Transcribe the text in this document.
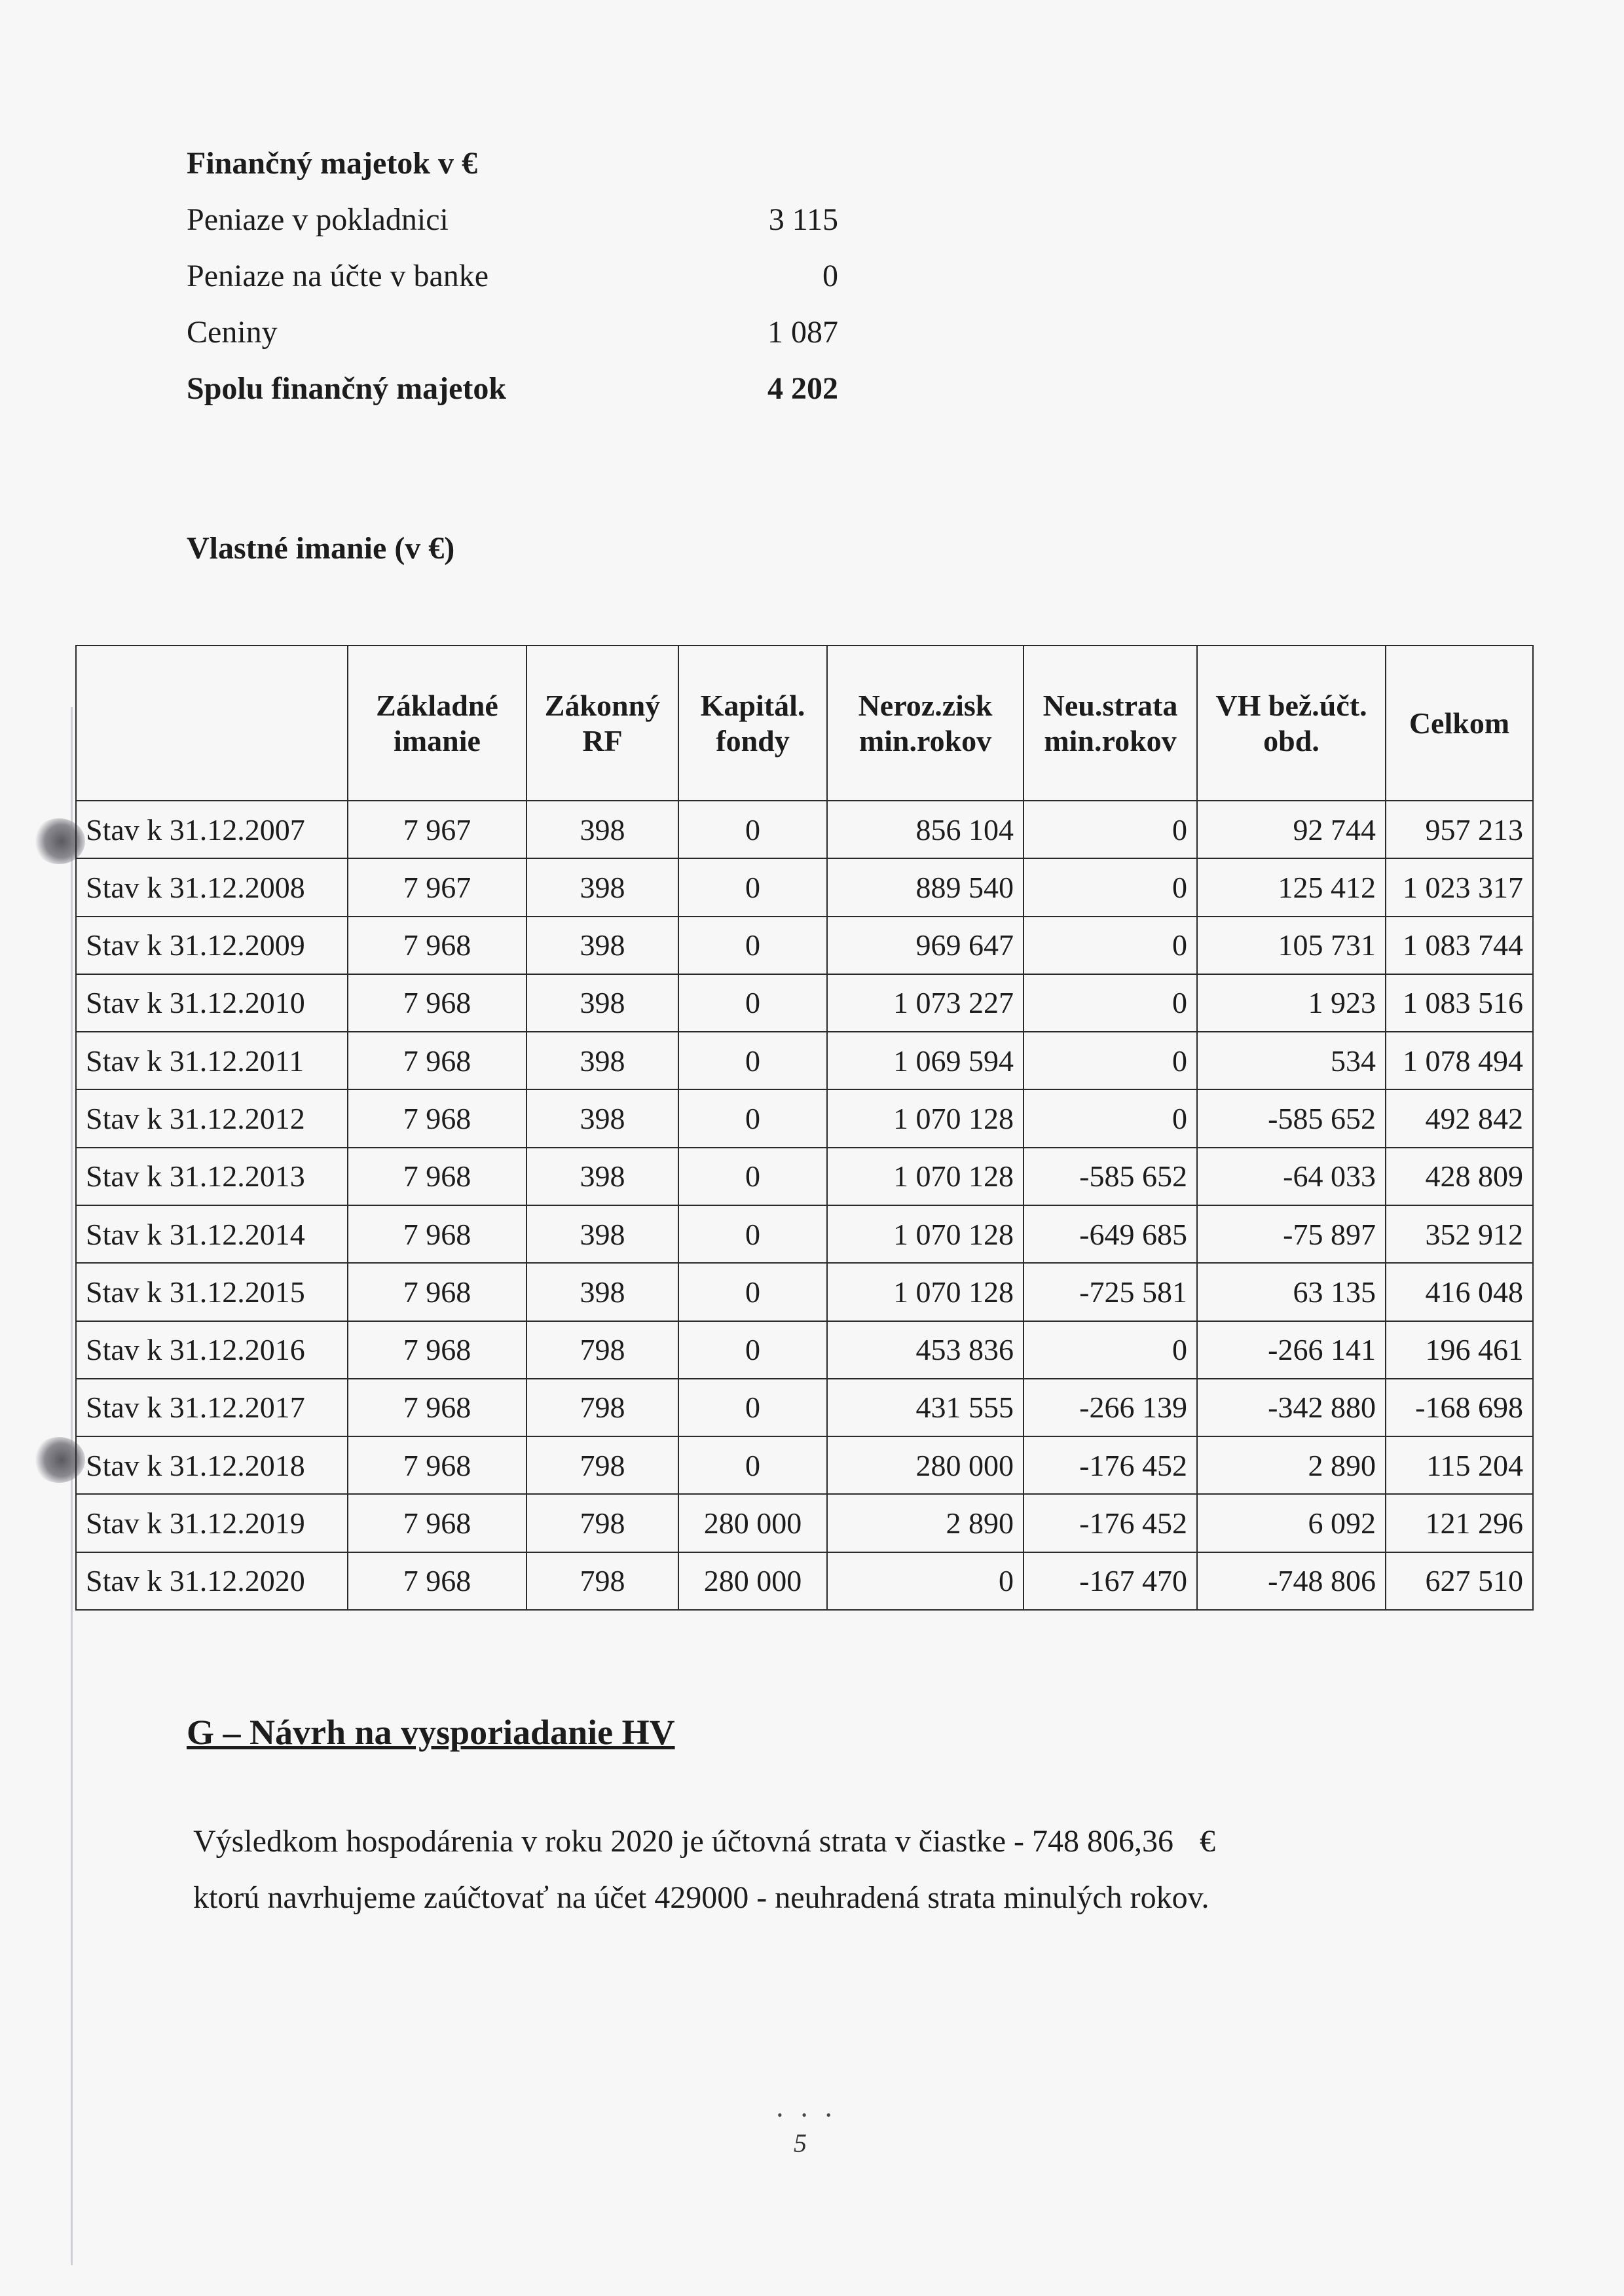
Finančný majetok v €
Peniaze v pokladnici	3 115
Peniaze na účte v banke	0
Ceniny	1 087
Spolu finančný majetok	4 202
Vlastné imanie (v €)
	Základné imanie	Zákonný RF	Kapitál. fondy	Neroz.zisk min.rokov	Neu.strata min.rokov	VH bež.účt. obd.	Celkom
Stav k 31.12.2007	7 967	398	0	856 104	0	92 744	957 213
Stav k 31.12.2008	7 967	398	0	889 540	0	125 412	1 023 317
Stav k 31.12.2009	7 968	398	0	969 647	0	105 731	1 083 744
Stav k 31.12.2010	7 968	398	0	1 073 227	0	1 923	1 083 516
Stav k 31.12.2011	7 968	398	0	1 069 594	0	534	1 078 494
Stav k 31.12.2012	7 968	398	0	1 070 128	0	-585 652	492 842
Stav k 31.12.2013	7 968	398	0	1 070 128	-585 652	-64 033	428 809
Stav k 31.12.2014	7 968	398	0	1 070 128	-649 685	-75 897	352 912
Stav k 31.12.2015	7 968	398	0	1 070 128	-725 581	63 135	416 048
Stav k 31.12.2016	7 968	798	0	453 836	0	-266 141	196 461
Stav k 31.12.2017	7 968	798	0	431 555	-266 139	-342 880	-168 698
Stav k 31.12.2018	7 968	798	0	280 000	-176 452	2 890	115 204
Stav k 31.12.2019	7 968	798	280 000	2 890	-176 452	6 092	121 296
Stav k 31.12.2020	7 968	798	280 000	0	-167 470	-748 806	627 510
G – Návrh na vysporiadanie HV
Výsledkom hospodárenia v roku 2020 je účtovná strata v čiastke - 748 806,36 €
ktorú navrhujeme zaúčtovať na účet 429000 - neuhradená strata minulých rokov.
• • •
5
